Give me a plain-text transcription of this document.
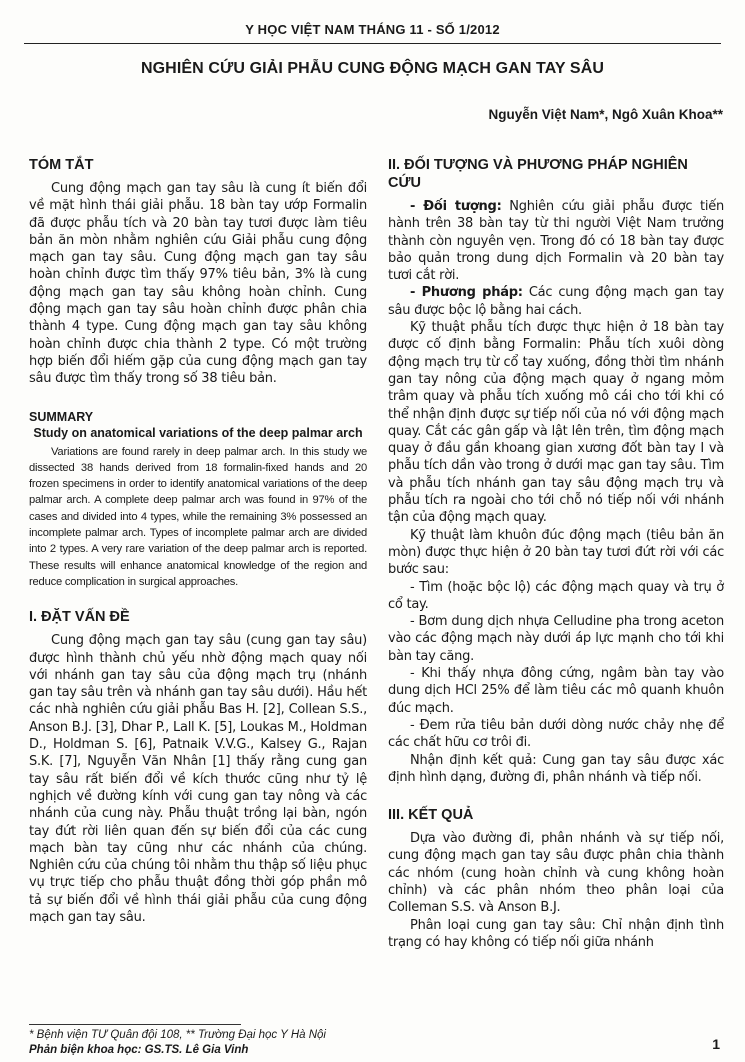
Y HỌC VIỆT NAM THÁNG 11 - SỐ 1/2012
NGHIÊN CỨU GIẢI PHẪU CUNG ĐỘNG MẠCH GAN TAY SÂU
Nguyễn Việt Nam*, Ngô Xuân Khoa**
TÓM TẮT

Cung động mạch gan tay sâu là cung ít biến đổi về mặt hình thái giải phẫu. 18 bàn tay ướp Formalin đã được phẫu tích và 20 bàn tay tươi được làm tiêu bản ăn mòn nhằm nghiên cứu Giải phẫu cung động mạch gan tay sâu. Cung động mạch gan tay sâu hoàn chỉnh được tìm thấy 97% tiêu bản, 3% là cung động mạch gan tay sâu không hoàn chỉnh. Cung động mạch gan tay sâu hoàn chỉnh được phân chia thành 4 type. Cung động mạch gan tay sâu không hoàn chỉnh được chia thành 2 type. Có một trường hợp biến đổi hiếm gặp của cung động mạch gan tay sâu được tìm thấy trong số 38 tiêu bản.

SUMMARY

Study on anatomical variations of the deep palmar arch

Variations are found rarely in deep palmar arch. In this study we dissected 38 hands derived from 18 formalin-fixed hands and 20 frozen specimens in order to identify anatomical variations of the deep palmar arch. A complete deep palmar arch was found in 97% of the cases and divided into 4 types, while the remaining 3% possessed an incomplete palmar arch. Types of incomplete palmar arch are divided into 2 types. A very rare variation of the deep palmar arch is reported. These results will enhance anatomical knowledge of the region and reduce complication in surgical approaches.

I. ĐẶT VẤN ĐỀ

Cung động mạch gan tay sâu (cung gan tay sâu) được hình thành chủ yếu nhờ động mạch quay nối với nhánh gan tay sâu của động mạch trụ (nhánh gan tay sâu trên và nhánh gan tay sâu dưới). Hầu hết các nhà nghiên cứu giải phẫu Bas H. [2], Collean S.S., Anson B.J. [3], Dhar P., Lall K. [5], Loukas M., Holdman D., Holdman S. [6], Patnaik V.V.G., Kalsey G., Rajan S.K. [7], Nguyễn Văn Nhân [1] thấy rằng cung gan tay sâu rất biến đổi về kích thước cũng như tỷ lệ nghịch về đường kính với cung gan tay nông và các nhánh của cung này. Phẫu thuật trồng lại bàn, ngón tay đứt rời liên quan đến sự biến đổi của các cung mạch bàn tay cũng như các nhánh của chúng. Nghiên cứu của chúng tôi nhằm thu thập số liệu phục vụ trực tiếp cho phẫu thuật đồng thời góp phần mô tả sự biến đổi về hình thái giải phẫu của cung động mạch gan tay sâu.

II. ĐỐI TƯỢNG VÀ PHƯƠNG PHÁP NGHIÊN CỨU

- Đối tượng: Nghiên cứu giải phẫu được tiến hành trên 38 bàn tay từ thi người Việt Nam trưởng thành còn nguyên vẹn. Trong đó có 18 bàn tay được bảo quản trong dung dịch Formalin và 20 bàn tay tươi cắt rời.

- Phương pháp: Các cung động mạch gan tay sâu được bộc lộ bằng hai cách.

Kỹ thuật phẫu tích được thực hiện ở 18 bàn tay được cố định bằng Formalin: Phẫu tích xuôi dòng động mạch trụ từ cổ tay xuống, đồng thời tìm nhánh gan tay nông của động mạch quay ở ngang mỏm trâm quay và phẫu tích xuống mô cái cho tới khi có thể nhận định được sự tiếp nối của nó với động mạch quay. Cắt các gân gấp và lật lên trên, tìm động mạch quay ở đầu gần khoang gian xương đốt bàn tay I và phẫu tích dần vào trong ở dưới mạc gan tay sâu. Tìm và phẫu tích nhánh gan tay sâu động mạch trụ và phẫu tích ra ngoài cho tới chỗ nó tiếp nối với nhánh tận của động mạch quay.

Kỹ thuật làm khuôn đúc động mạch (tiêu bản ăn mòn) được thực hiện ở 20 bàn tay tươi đứt rời với các bước sau:

- Tìm (hoặc bộc lộ) các động mạch quay và trụ ở cổ tay.

- Bơm dung dịch nhựa Celludine pha trong aceton vào các động mạch này dưới áp lực mạnh cho tới khi bàn tay căng.

- Khi thấy nhựa đông cứng, ngâm bàn tay vào dung dịch HCl 25% để làm tiêu các mô quanh khuôn đúc mạch.

- Đem rửa tiêu bản dưới dòng nước chảy nhẹ để các chất hữu cơ trôi đi.

Nhận định kết quả: Cung gan tay sâu được xác định hình dạng, đường đi, phân nhánh và tiếp nối.

III. KẾT QUẢ

Dựa vào đường đi, phân nhánh và sự tiếp nối, cung động mạch gan tay sâu được phân chia thành các nhóm (cung hoàn chỉnh và cung không hoàn chỉnh) và các phân nhóm theo phân loại của Colleman S.S. và Anson B.J.

Phân loại cung gan tay sâu: Chỉ nhận định tình trạng có hay không có tiếp nối giữa nhánh

* Bệnh viện TƯ Quân đội 108, ** Trường Đại học Y Hà Nội
Phản biện khoa học: GS.TS. Lê Gia Vinh	1
